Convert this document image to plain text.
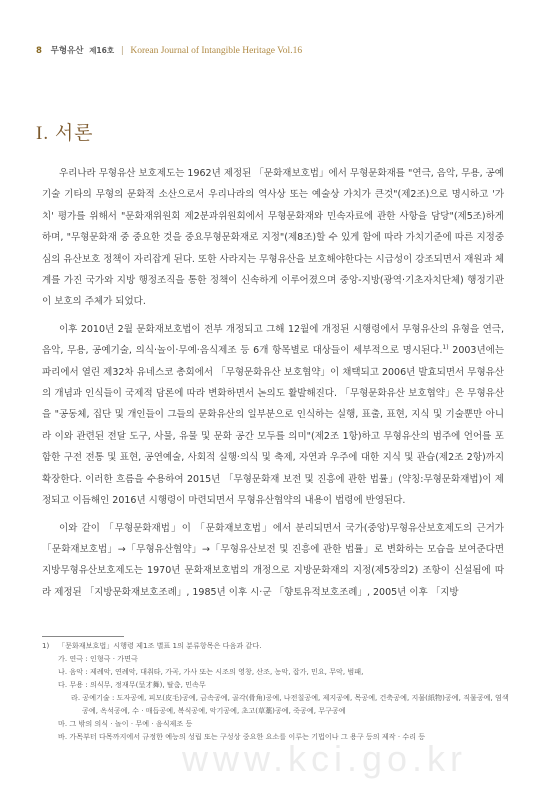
8 무형유산 제16호 | Korean Journal of Intangible Heritage Vol.16
I. 서론

우리나라 무형유산 보호제도는 1962년 제정된 「문화재보호법」에서 무형문화재를 "연극, 음악, 무용, 공예기술 기타의 무형의 문화적 소산으로서 우리나라의 역사상 또는 예술상 가치가 큰것"(제2조)으로 명시하고 '가치' 평가를 위해서 "문화재위원회 제2분과위원회에서 무형문화재와 민속자료에 관한 사항을 담당"(제5조)하게 하며, "무형문화재 중 중요한 것을 중요무형문화재로 지정"(제8조)할 수 있게 함에 따라 가치기준에 따른 지정중심의 유산보호 정책이 자리잡게 된다. 또한 사라지는 무형유산을 보호해야한다는 시급성이 강조되면서 재원과 체계를 가진 국가와 지방 행정조직을 통한 정책이 신속하게 이루어졌으며 중앙-지방(광역·기초자치단체) 행정기관이 보호의 주체가 되었다.

이후 2010년 2월 문화재보호법이 전부 개정되고 그해 12월에 개정된 시행령에서 무형유산의 유형을 연극, 음악, 무용, 공예기술, 의식·놀이·무예·음식제조 등 6개 항목별로 대상들이 세부적으로 명시된다.$^{1)}$ 2003년에는 파리에서 열린 제32차 유네스코 총회에서 「무형문화유산 보호협약」이 채택되고 2006년 발효되면서 무형유산의 개념과 인식들이 국제적 담론에 따라 변화하면서 논의도 활발해진다. 「무형문화유산 보호협약」은 무형유산을 "공동체, 집단 및 개인들이 그들의 문화유산의 일부분으로 인식하는 실행, 표출, 표현, 지식 및 기술뿐만 아니라 이와 관련된 전달 도구, 사물, 유물 및 문화 공간 모두를 의미"(제2조 1항)하고 무형유산의 범주에 언어를 포함한 구전 전통 및 표현, 공연예술, 사회적 실행·의식 및 축제, 자연과 우주에 대한 지식 및 관습(제2조 2항)까지 확장한다. 이러한 흐름을 수용하여 2015년 「무형문화재 보전 및 진흥에 관한 법률」(약칭:무형문화재법)이 제정되고 이듬해인 2016년 시행령이 마련되면서 무형유산협약의 내용이 법령에 반영된다.

이와 같이 「무형문화재법」이 「문화재보호법」에서 분리되면서 국가(중앙)무형유산보호제도의 근거가 「문화재보호법」→「무형유산협약」→「무형유산보전 및 진흥에 관한 법률」로 변화하는 모습을 보여준다면 지방무형유산보호제도는 1970년 문화재보호법의 개정으로 지방문화재의 지정(제5장의2) 조항이 신설됨에 따라 제정된 「지방문화재보호조례」, 1985년 이후 시·군 「향토유적보호조례」, 2005년 이후 「지방

1) 「문화재보호법」시행령 제1조 별표 1의 분류항목은 다음과 같다.
가. 연극 : 인형극 · 가면극
나. 음악 : 제례악, 연례악, 대취타, 가곡, 가사 또는 시조의 영창, 산조, 농악, 잡가, 민요, 무악, 범패,
다. 무용 : 의식무, 정재무(呈才舞), 탈춤, 민속무
라. 공예기술 : 도자공예, 피모(皮毛)공예, 금속공예, 골각(骨角)공예, 나전칠공예, 제지공예, 목공예, 건축공예, 지물(紙物)공예, 직물공예, 염색공예, 옥석공예, 수 · 매듭공예, 복식공예, 악기공예, 초고(草藁)공예, 죽공예, 무구공예
마. 그 밖의 의식 · 놀이 · 무예 · 음식제조 등
바. 가목부터 다목까지에서 규정한 예능의 성립 또는 구성상 중요한 요소를 이루는 기법이나 그 용구 등의 제작 · 수리 등
www.kci.go.kr
